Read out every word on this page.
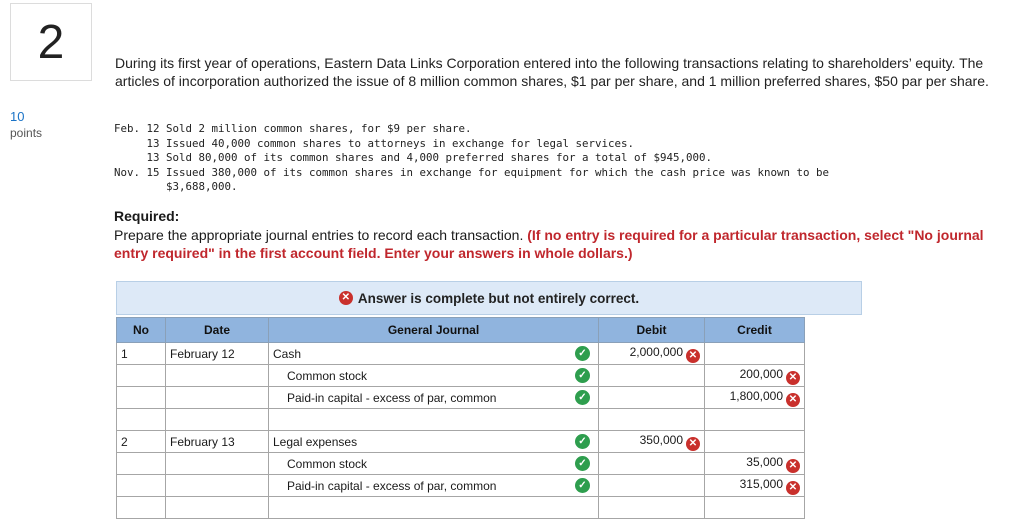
2
10
points
During its first year of operations, Eastern Data Links Corporation entered into the following transactions relating to shareholders’ equity. The articles of incorporation authorized the issue of 8 million common shares, $1 par per share, and 1 million preferred shares, $50 par per share.
Feb. 12 Sold 2 million common shares, for $9 per share.
13 Issued 40,000 common shares to attorneys in exchange for legal services.
13 Sold 80,000 of its common shares and 4,000 preferred shares for a total of $945,000.
Nov. 15 Issued 380,000 of its common shares in exchange for equipment for which the cash price was known to be
$3,688,000.
Required:
Prepare the appropriate journal entries to record each transaction. (If no entry is required for a particular transaction, select "No journal entry required" in the first account field. Enter your answers in whole dollars.)
✕ Answer is complete but not entirely correct.
No	Date	General Journal	Debit	Credit
1	February 12	Cash ✓	2,000,000 ✕	
		Common stock ✓		200,000 ✕
		Paid-in capital - excess of par, common ✓		1,800,000 ✕

2	February 13	Legal expenses ✓	350,000 ✕	
		Common stock ✓		35,000 ✕
		Paid-in capital - excess of par, common ✓		315,000 ✕
